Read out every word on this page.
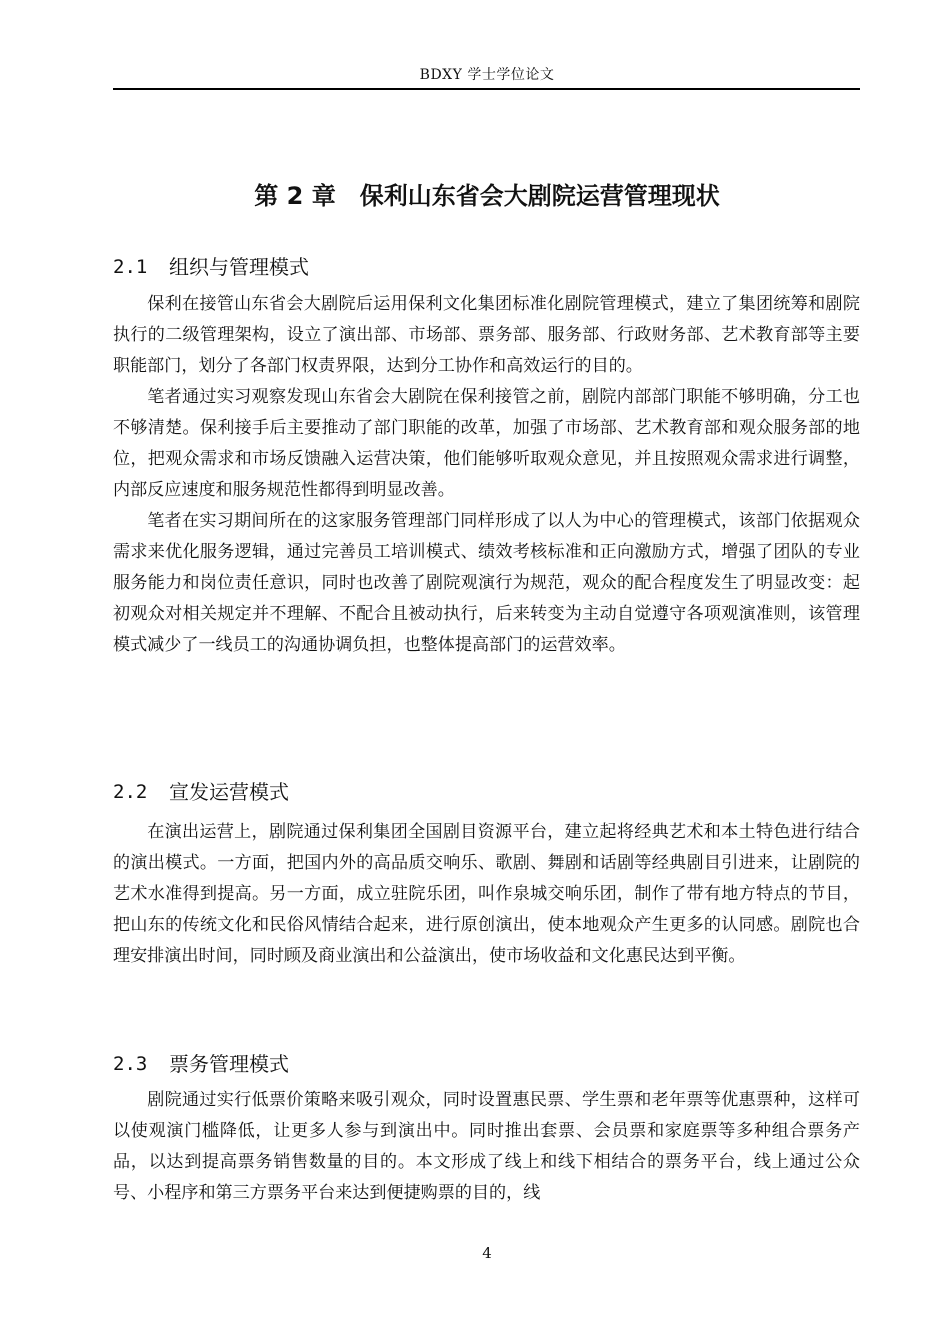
BDXY 学士学位论文
第 2 章　保利山东省会大剧院运营管理现状
2.1	组织与管理模式

保利在接管山东省会大剧院后运用保利文化集团标准化剧院管理模式，建立了集团统筹和剧院执行的二级管理架构，设立了演出部、市场部、票务部、服务部、行政财务部、艺术教育部等主要职能部门，划分了各部门权责界限，达到分工协作和高效运行的目的。

笔者通过实习观察发现山东省会大剧院在保利接管之前，剧院内部部门职能不够明确，分工也不够清楚。保利接手后主要推动了部门职能的改革，加强了市场部、艺术教育部和观众服务部的地位，把观众需求和市场反馈融入运营决策，他们能够听取观众意见，并且按照观众需求进行调整，内部反应速度和服务规范性都得到明显改善。

笔者在实习期间所在的这家服务管理部门同样形成了以人为中心的管理模式，该部门依据观众需求来优化服务逻辑，通过完善员工培训模式、绩效考核标准和正向激励方式，增强了团队的专业服务能力和岗位责任意识，同时也改善了剧院观演行为规范，观众的配合程度发生了明显改变：起初观众对相关规定并不理解、不配合且被动执行，后来转变为主动自觉遵守各项观演准则，该管理模式减少了一线员工的沟通协调负担，也整体提高部门的运营效率。

2.2	宣发运营模式

在演出运营上，剧院通过保利集团全国剧目资源平台，建立起将经典艺术和本土特色进行结合的演出模式。一方面，把国内外的高品质交响乐、歌剧、舞剧和话剧等经典剧目引进来，让剧院的艺术水准得到提高。另一方面，成立驻院乐团，叫作泉城交响乐团，制作了带有地方特点的节目，把山东的传统文化和民俗风情结合起来，进行原创演出，使本地观众产生更多的认同感。剧院也合理安排演出时间，同时顾及商业演出和公益演出，使市场收益和文化惠民达到平衡。

2.3	票务管理模式

剧院通过实行低票价策略来吸引观众，同时设置惠民票、学生票和老年票等优惠票种，这样可以使观演门槛降低，让更多人参与到演出中。同时推出套票、会员票和家庭票等多种组合票务产品，以达到提高票务销售数量的目的。本文形成了线上和线下相结合的票务平台，线上通过公众号、小程序和第三方票务平台来达到便捷购票的目的，线

4
